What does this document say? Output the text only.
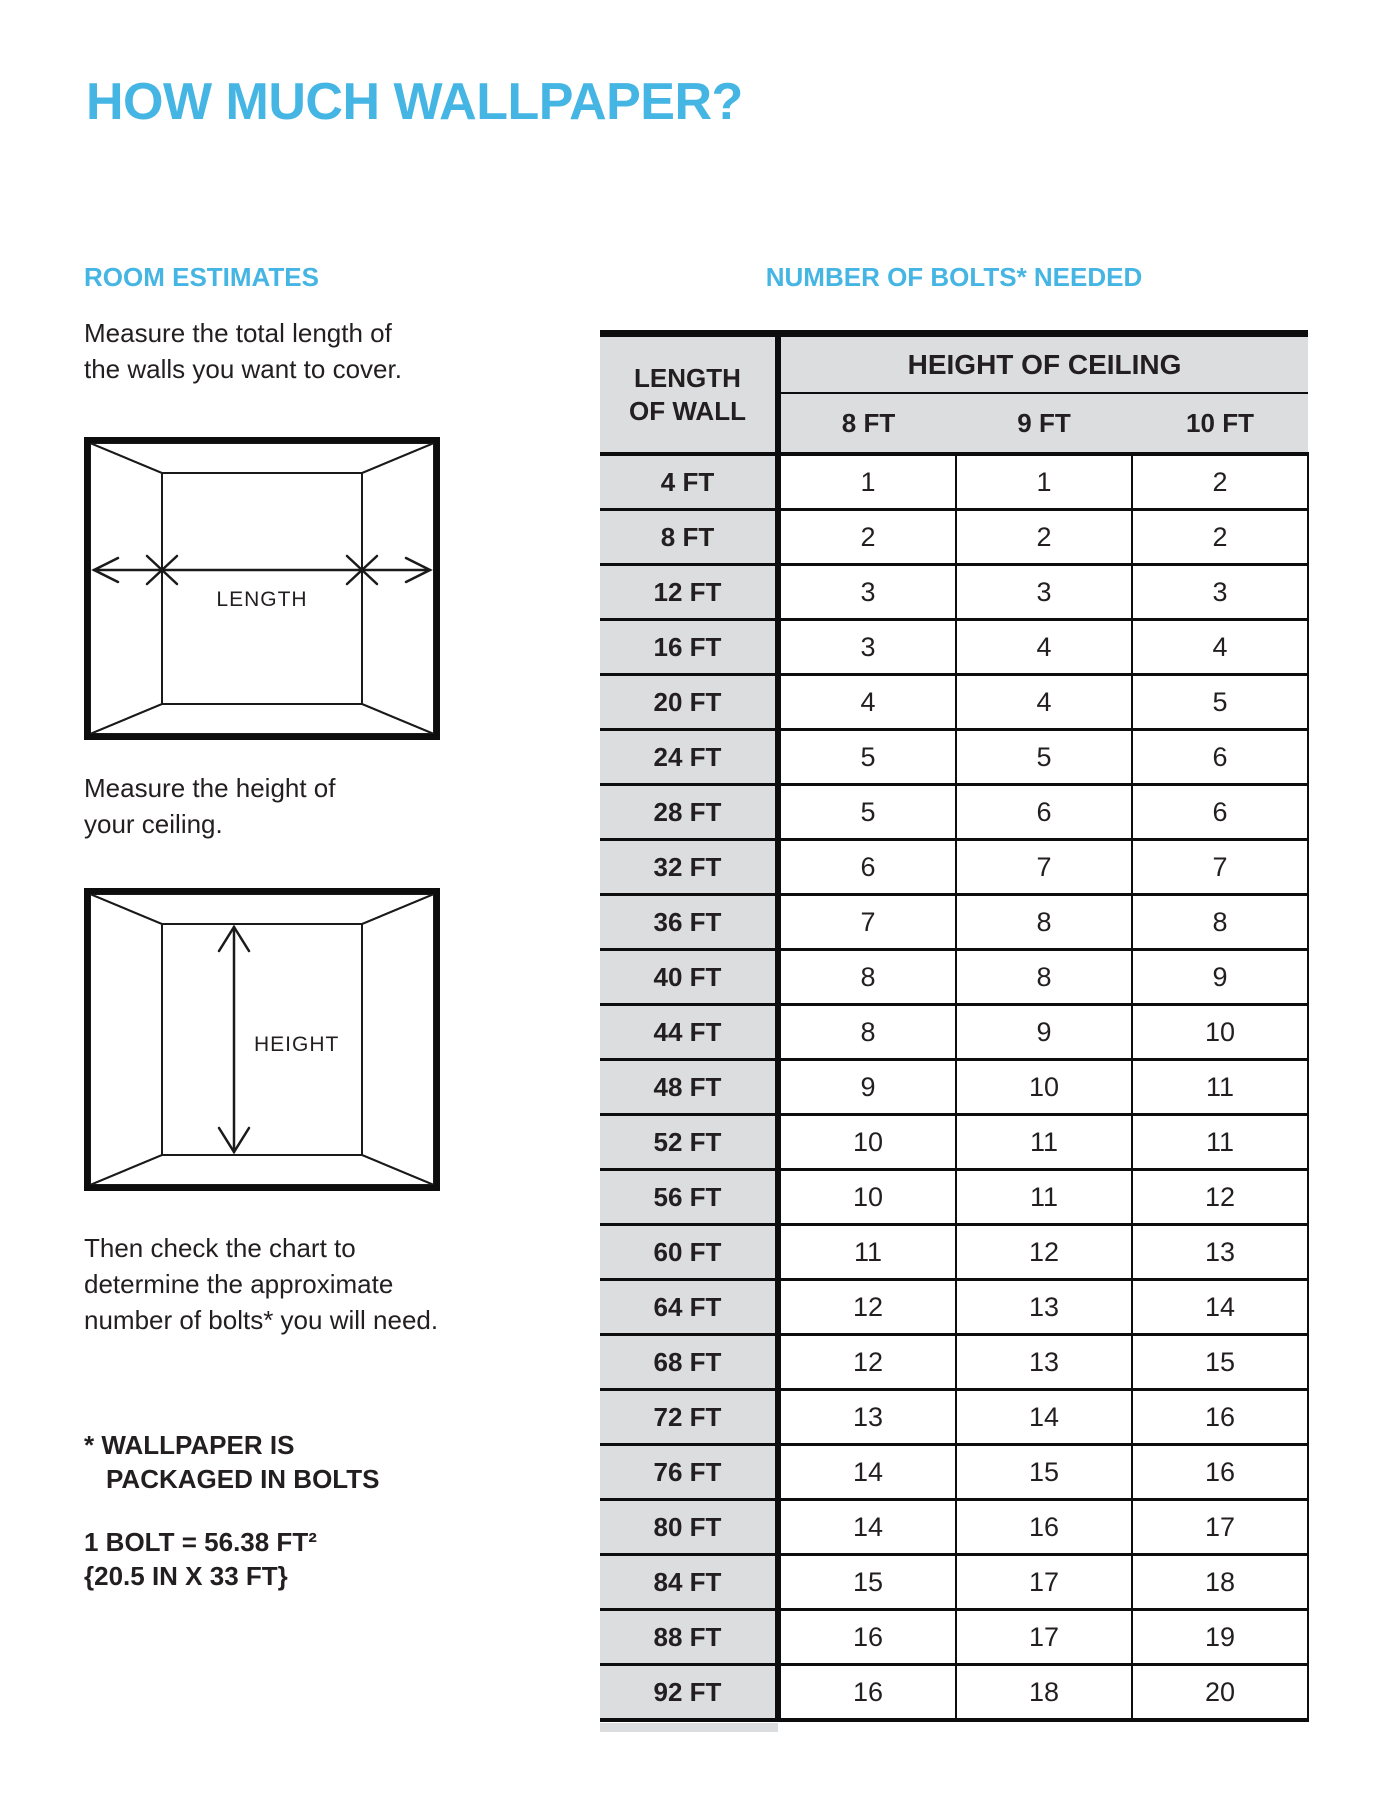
HOW MUCH WALLPAPER?
ROOM ESTIMATES	NUMBER OF BOLTS* NEEDED

Measure the total length of
the walls you want to cover.

CEILING
FLOOR
LENGTH

Measure the height of
your ceiling.

CEILING
FLOOR
HEIGHT

Then check the chart to
determine the approximate
number of bolts* you will need.

* WALLPAPER IS
PACKAGED IN BOLTS

1 BOLT = 56.38 FT²
{20.5 IN X 33 FT}

LENGTH
OF WALL	HEIGHT OF CEILING		
	8 FT	9 FT	10 FT
4 FT	1	1	2
8 FT	2	2	2
12 FT	3	3	3
16 FT	3	4	4
20 FT	4	4	5
24 FT	5	5	6
28 FT	5	6	6
32 FT	6	7	7
36 FT	7	8	8
40 FT	8	8	9
44 FT	8	9	10
48 FT	9	10	11
52 FT	10	11	11
56 FT	10	11	12
60 FT	11	12	13
64 FT	12	13	14
68 FT	12	13	15
72 FT	13	14	16
76 FT	14	15	16
80 FT	14	16	17
84 FT	15	17	18
88 FT	16	17	19
92 FT	16	18	20
